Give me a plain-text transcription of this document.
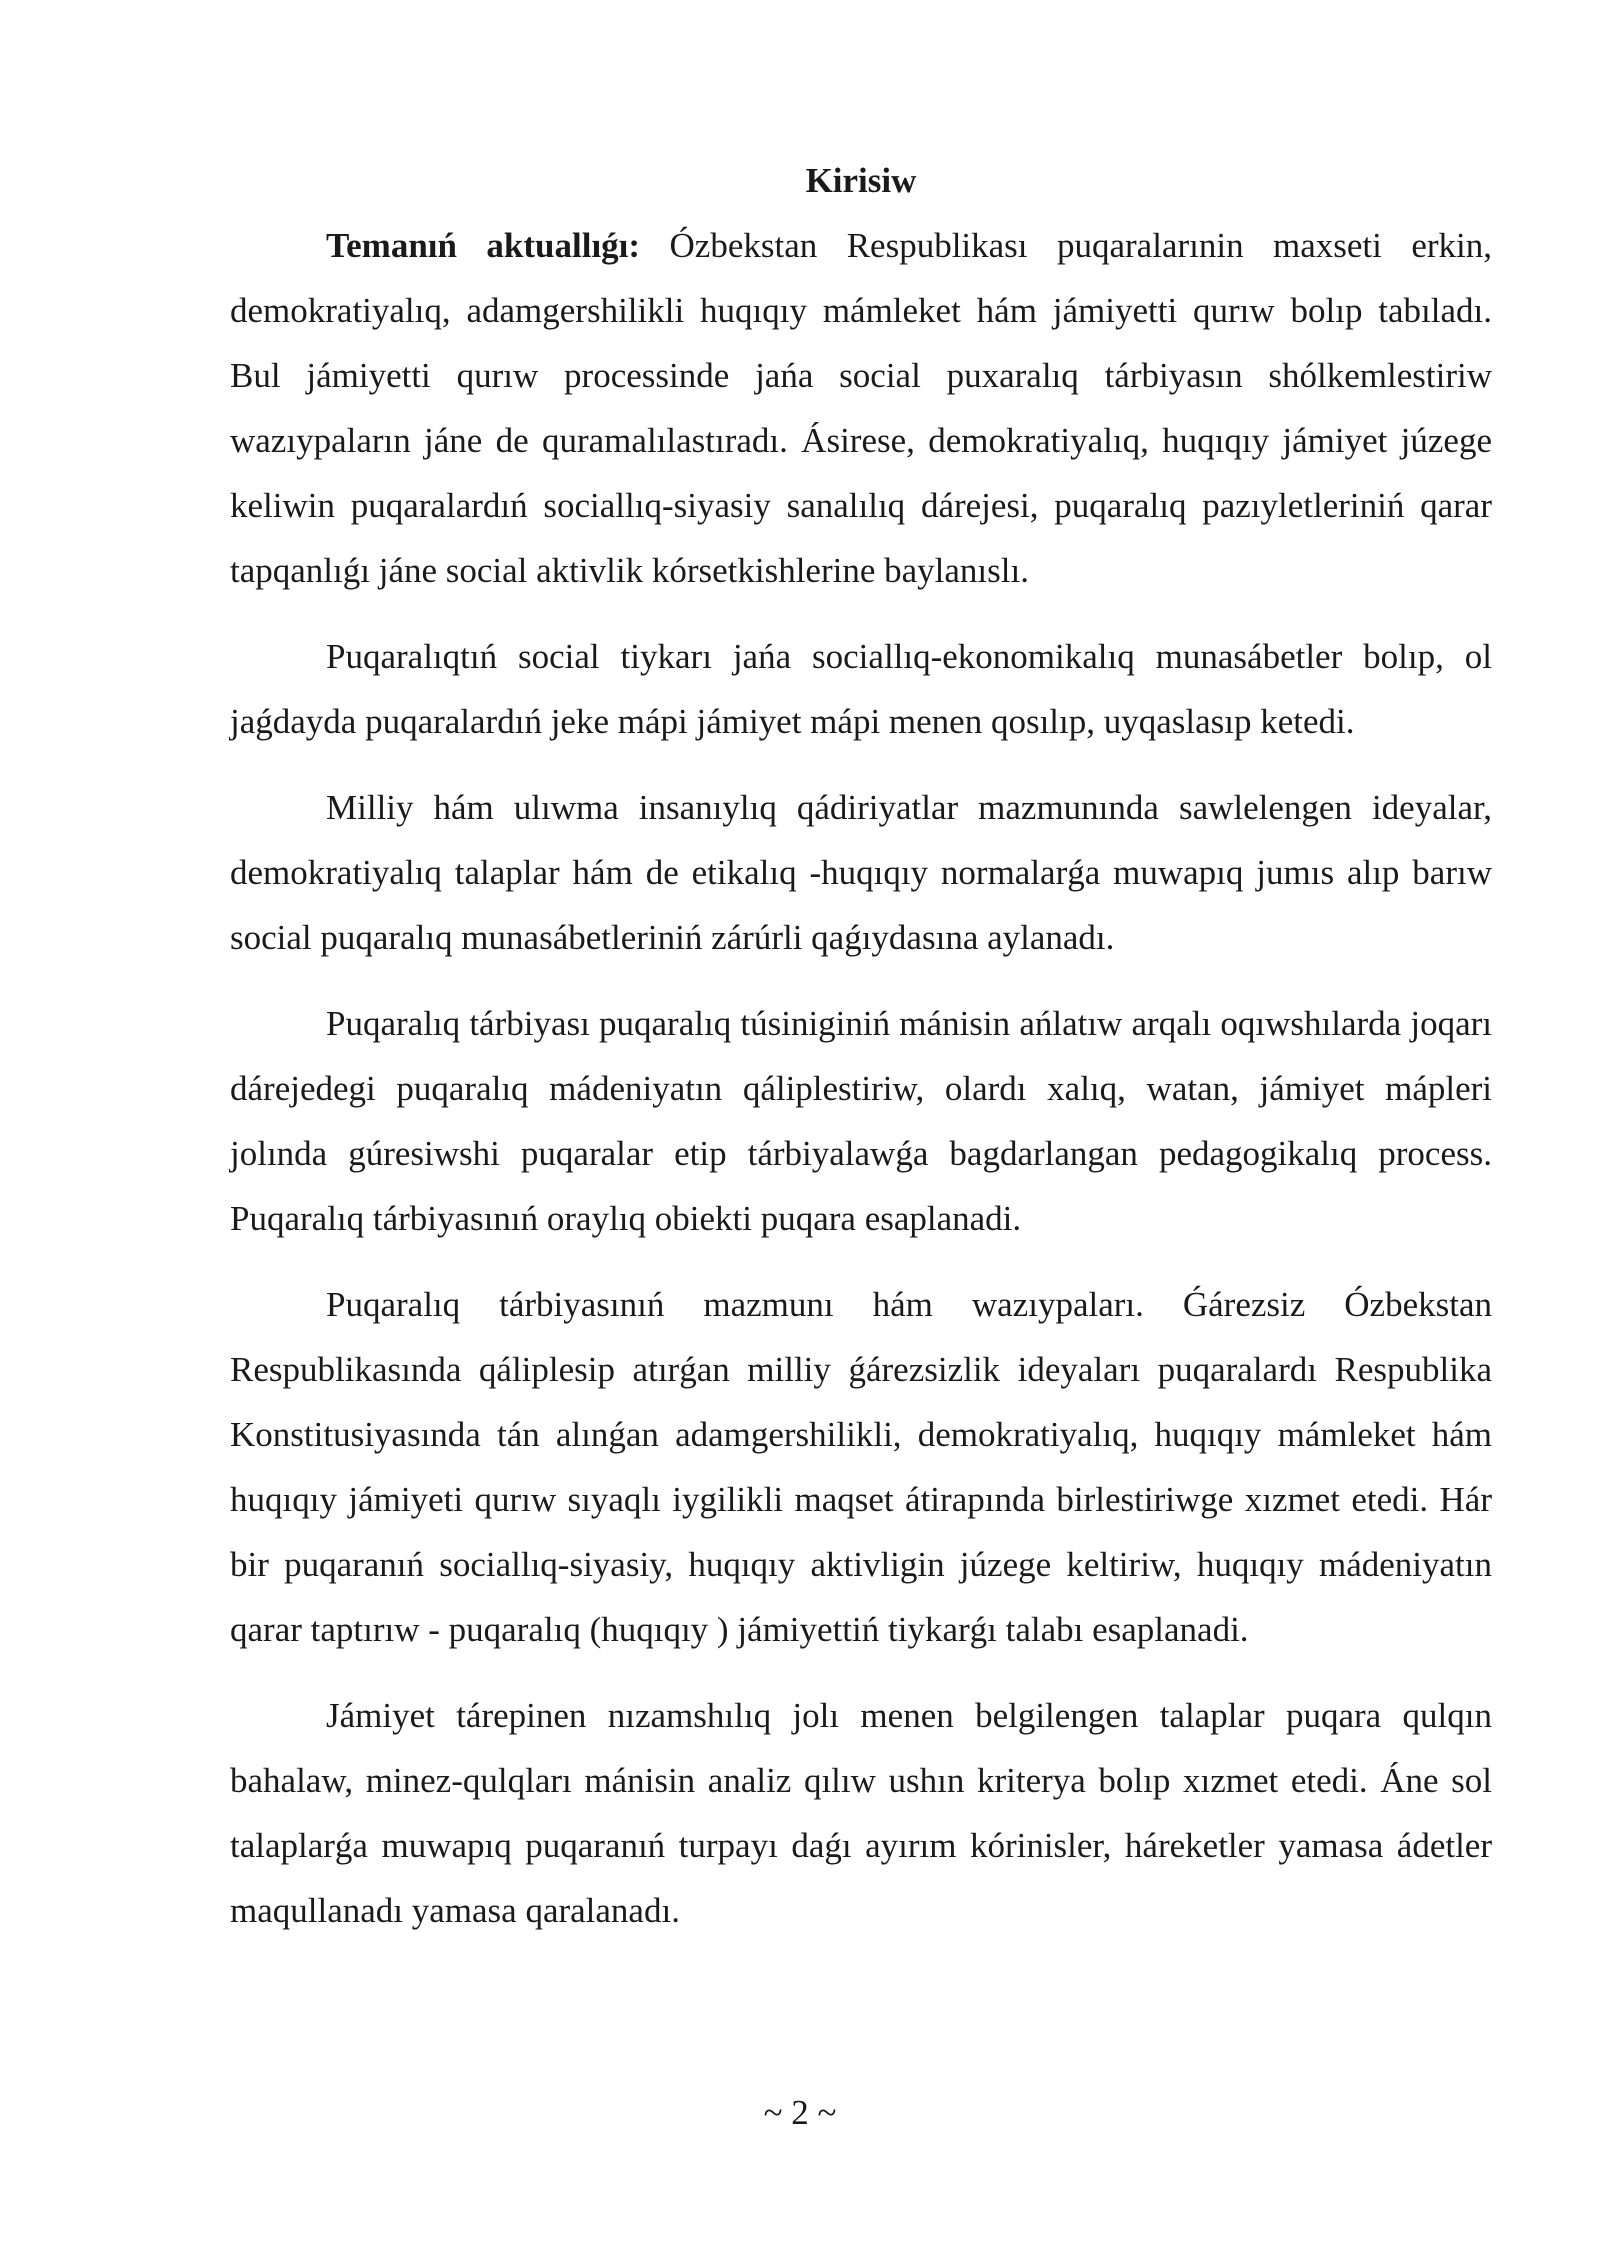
Kirisiw

Temanıń aktuallıǵı: Ózbekstan Respublikası puqaralarınin maxseti erkin, demokratiyalıq, adamgershilikli huqıqıy mámleket hám jámiyetti qurıw bolıp tabıladı. Bul jámiyetti qurıw processinde jańa social puxaralıq tárbiyasın shólkemlestiriw wazıypaların jáne de quramalılastıradı. Ásirese, demokratiyalıq, huqıqıy jámiyet júzege keliwin puqaralardıń sociallıq-siyasiy sanalılıq dárejesi, puqaralıq pazıyletleriniń qarar tapqanlıǵı jáne social aktivlik kórsetkishlerine baylanıslı.

Puqaralıqtıń social tiykarı jańa sociallıq-ekonomikalıq munasábetler bolıp, ol jaǵdayda puqaralardıń jeke mápi jámiyet mápi menen qosılıp, uyqaslasıp ketedi.

Milliy hám ulıwma insanıylıq qádiriyatlar mazmunında sawlelengen ideyalar, demokratiyalıq talaplar hám de etikalıq -huqıqıy normalarǵa muwapıq jumıs alıp barıw social puqaralıq munasábetleriniń zárúrli qaǵıydasına aylanadı.

Puqaralıq tárbiyası puqaralıq túsiniginiń mánisin ańlatıw arqalı oqıwshılarda joqarı dárejedegi puqaralıq mádeniyatın qáliplestiriw, olardı xalıq, watan, jámiyet mápleri jolında gúresiwshi puqaralar etip tárbiyalawǵa bagdarlangan pedagogikalıq process. Puqaralıq tárbiyasınıń oraylıq obiekti puqara esaplanadi.

Puqaralıq tárbiyasınıń mazmunı hám wazıypaları. Ǵárezsiz Ózbekstan Respublikasında qáliplesip atırǵan milliy ǵárezsizlik ideyaları puqaralardı Respublika Konstitusiyasında tán alınǵan adamgershilikli, demokratiyalıq, huqıqıy mámleket hám huqıqıy jámiyeti qurıw sıyaqlı iygilikli maqset átirapında birlestiriwge xızmet etedi. Hár bir puqaranıń sociallıq-siyasiy, huqıqıy aktivligin júzege keltiriw, huqıqıy mádeniyatın qarar taptırıw - puqaralıq (huqıqıy ) jámiyettiń tiykarǵı talabı esaplanadi.

Jámiyet tárepinen nızamshılıq jolı menen belgilengen talaplar puqara qulqın bahalaw, minez-qulqları mánisin analiz qılıw ushın kriterya bolıp xızmet etedi. Áne sol talaplarǵa muwapıq puqaranıń turpayı daǵı ayırım kórinisler, háreketler yamasa ádetler maqullanadı yamasa qaralanadı.

~ 2 ~
